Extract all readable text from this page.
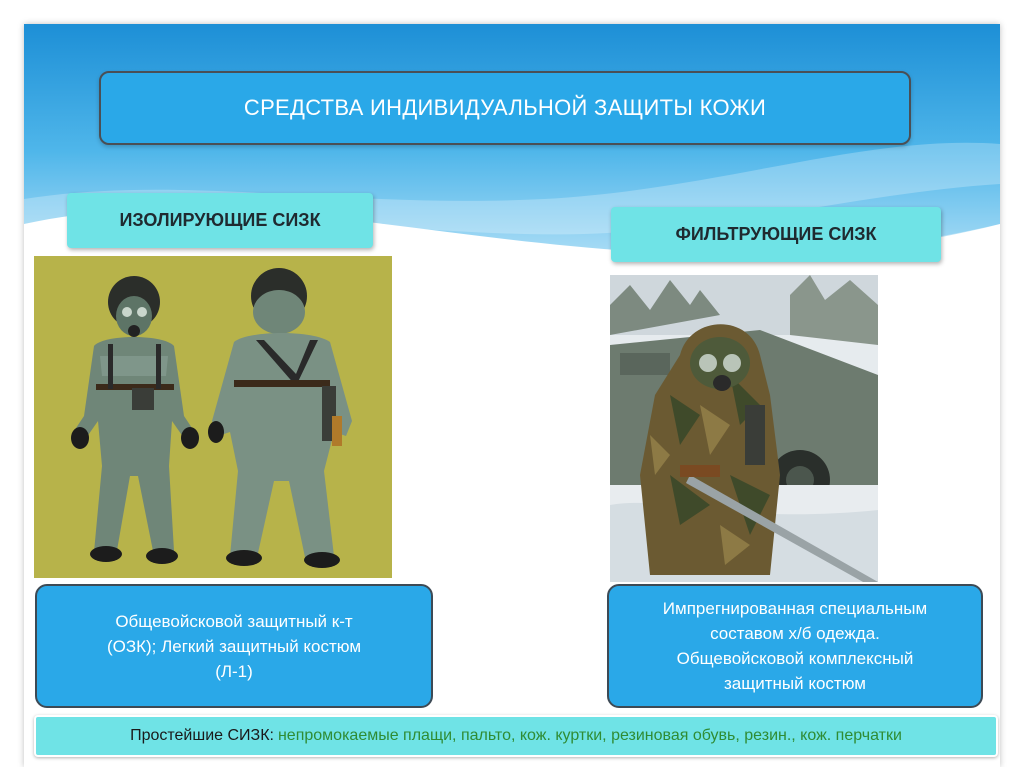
СРЕДСТВА ИНДИВИДУАЛЬНОЙ ЗАЩИТЫ КОЖИ
ИЗОЛИРУЮЩИЕ СИЗК
ФИЛЬТРУЮЩИЕ СИЗК
Общевойсковой защитный к-т
(ОЗК); Легкий защитный костюм
(Л-1)
Импрегнированная специальным
составом х/б одежда.
Общевойсковой комплексный
защитный костюм
Простейшие СИЗК: непромокаемые плащи, пальто, кож. куртки, резиновая обувь, резин., кож. перчатки
